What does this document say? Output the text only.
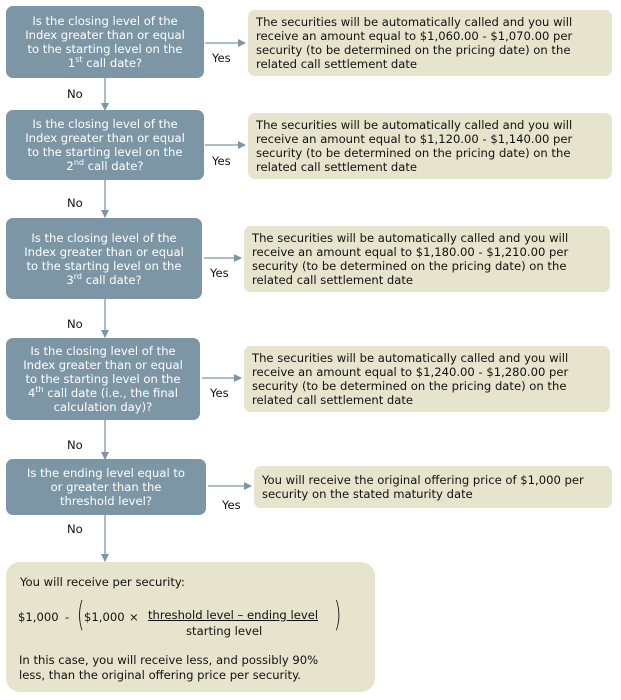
Is the closing level of the
Index greater than or equal
to the starting level on the
1st call date?
Is the closing level of the
Index greater than or equal
to the starting level on the
2nd call date?
Is the closing level of the
Index greater than or equal
to the starting level on the
3rd call date?
Is the closing level of the
Index greater than or equal
to the starting level on the
4th call date (i.e., the final
calculation day)?
Is the ending level equal to
or greater than the
threshold level?
The securities will be automatically called and you will
receive an amount equal to $1,060.00 - $1,070.00 per
security (to be determined on the pricing date) on the
related call settlement date
The securities will be automatically called and you will
receive an amount equal to $1,120.00 - $1,140.00 per
security (to be determined on the pricing date) on the
related call settlement date
The securities will be automatically called and you will
receive an amount equal to $1,180.00 - $1,210.00 per
security (to be determined on the pricing date) on the
related call settlement date
The securities will be automatically called and you will
receive an amount equal to $1,240.00 - $1,280.00 per
security (to be determined on the pricing date) on the
related call settlement date
You will receive the original offering price of $1,000 per
security on the stated maturity date
Yes
Yes
Yes
Yes
Yes
No
No
No
No
No
You will receive per security:
$1,000 - ( $1,000 × threshold level – ending level
starting level )
In this case, you will receive less, and possibly 90%
less, than the original offering price per security.
